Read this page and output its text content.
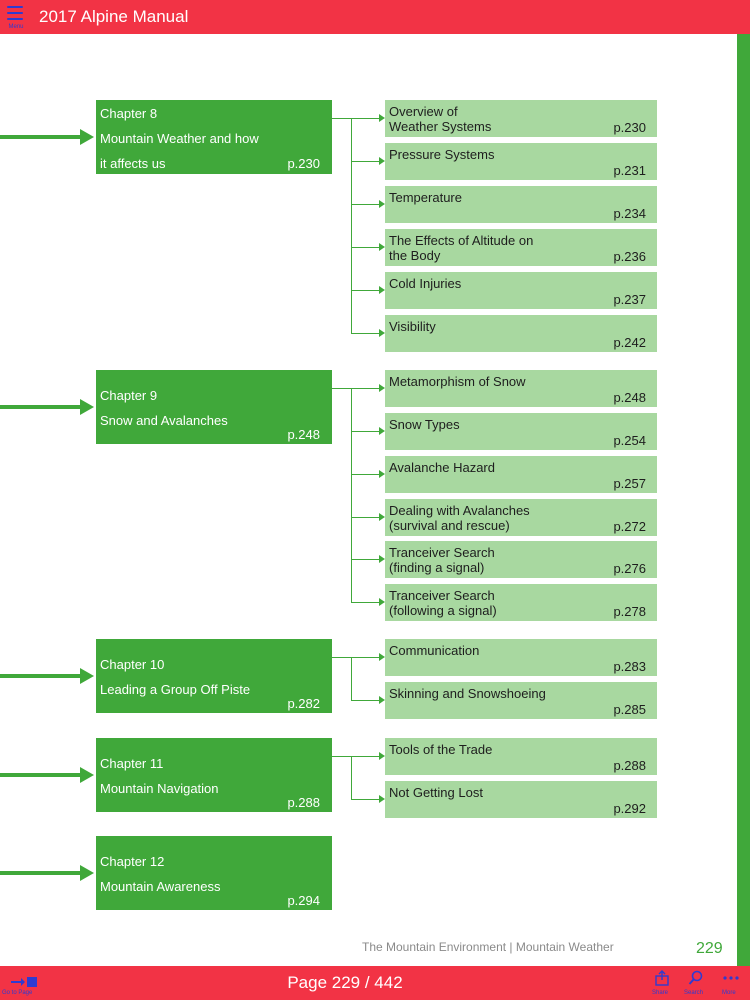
Menu
2017 Alpine Manual
Chapter 8
Mountain Weather and how
it affects us	p.230
Overview of
Weather Systems	p.230
Pressure Systems
p.231
Temperature
p.234
The Effects of Altitude on
the Body	p.236
Cold Injuries
p.237
Visibility
p.242
Chapter 9
Snow and Avalanches
p.248
Metamorphism of Snow
p.248
Snow Types
p.254
Avalanche Hazard
p.257
Dealing with Avalanches
(survival and rescue)	p.272
Tranceiver Search
(finding a signal)	p.276
Tranceiver Search
(following a signal)	p.278
Chapter 10
Leading a Group Off Piste
p.282
Communication
p.283
Skinning and Snowshoeing
p.285
Chapter 11
Mountain Navigation
p.288
Tools of the Trade
p.288
Not Getting Lost
p.292
Chapter 12
Mountain Awareness
p.294
The Mountain Environment | Mountain Weather	229
Go to Page
Page 229 / 442
Share	Search	More
